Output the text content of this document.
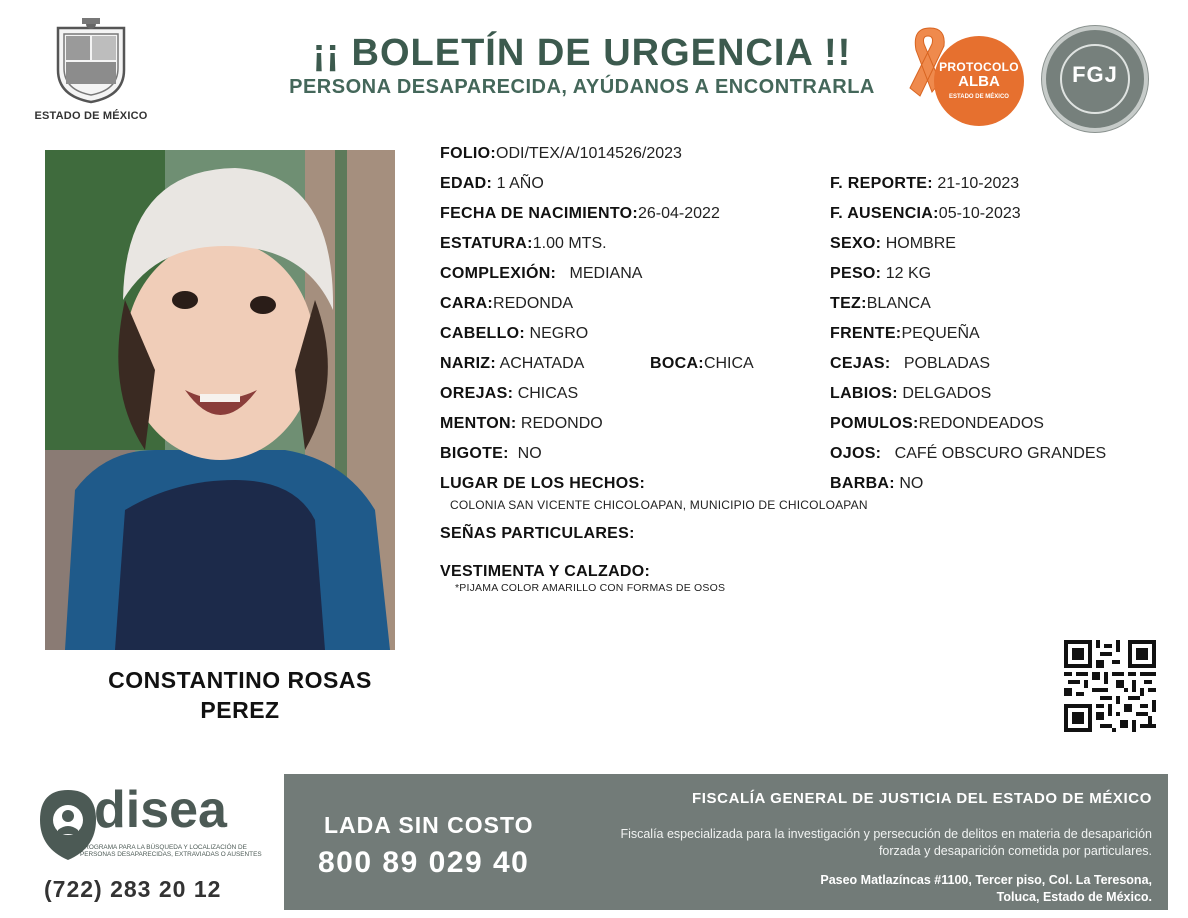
ESTADO DE MÉXICO
¡¡ BOLETÍN DE URGENCIA !!
PERSONA DESAPARECIDA, AYÚDANOS A ENCONTRARLA
PROTOCOLO
ALBA
ESTADO DE MÉXICO
FGJ
CONSTANTINO ROSAS
PEREZ
FOLIO:ODI/TEX/A/1014526/2023
EDAD: 1 AÑO
FECHA DE NACIMIENTO:26-04-2022
ESTATURA:1.00 MTS.
COMPLEXIÓN: MEDIANA
CARA:REDONDA
CABELLO: NEGRO
NARIZ: ACHATADA	BOCA:CHICA
OREJAS: CHICAS
MENTON: REDONDO
BIGOTE: NO
LUGAR DE LOS HECHOS:
COLONIA SAN VICENTE CHICOLOAPAN, MUNICIPIO DE CHICOLOAPAN
SEÑAS PARTICULARES:
VESTIMENTA Y CALZADO:
*PIJAMA COLOR AMARILLO CON FORMAS DE OSOS
F. REPORTE: 21-10-2023
F. AUSENCIA:05-10-2023
SEXO: HOMBRE
PESO: 12 KG
TEZ:BLANCA
FRENTE:PEQUEÑA
CEJAS: POBLADAS
LABIOS: DELGADOS
POMULOS:REDONDEADOS
OJOS: CAFÉ OBSCURO GRANDES
BARBA: NO
disea
PROGRAMA PARA LA BÚSQUEDA Y LOCALIZACIÓN DE PERSONAS DESAPARECIDAS, EXTRAVIADAS O AUSENTES
(722) 283 20 12
LADA SIN COSTO
800 89 029 40
FISCALÍA GENERAL DE JUSTICIA DEL ESTADO DE MÉXICO
Fiscalía especializada para la investigación y persecución de delitos en materia de desaparición forzada y desaparición cometida por particulares.
Paseo Matlazíncas #1100, Tercer piso, Col. La Teresona,
Toluca, Estado de México.
